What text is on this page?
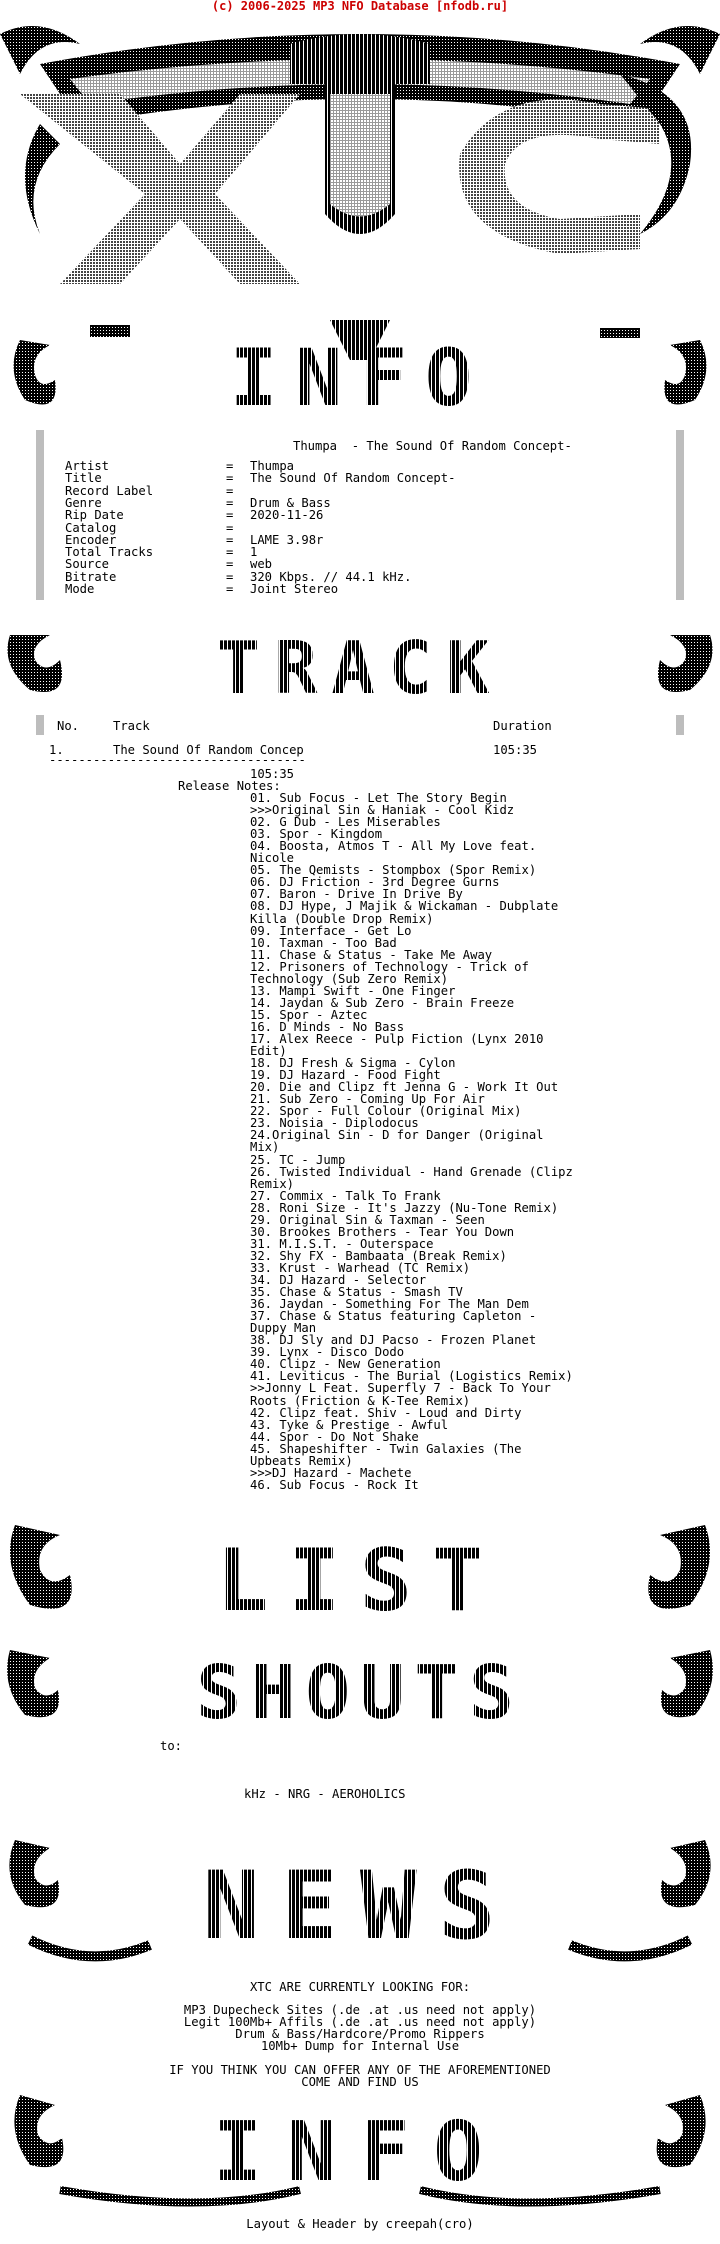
(c) 2006-2025 MP3 NFO Database [nfodb.ru]
INFO
Thumpa  - The Sound Of Random Concept-
Artist	= Thumpa
Title	= The Sound Of Random Concept-
Record Label	=
Genre	= Drum & Bass
Rip Date	= 2020-11-26
Catalog	=
Encoder	= LAME 3.98r
Total Tracks	= 1
Source	= web
Bitrate	= 320 Kbps. // 44.1 kHz.
Mode	= Joint Stereo
TRACK
No.	Track	Duration
1.	The Sound Of Random Concep	105:35
-----------------------------------
105:35
Release Notes:
01. Sub Focus - Let The Story Begin
>>>Original Sin & Haniak - Cool Kidz
02. G Dub - Les Miserables
03. Spor - Kingdom
04. Boosta, Atmos T - All My Love feat.
Nicole
05. The Qemists - Stompbox (Spor Remix)
06. DJ Friction - 3rd Degree Gurns
07. Baron - Drive In Drive By
08. DJ Hype, J Majik & Wickaman - Dubplate
Killa (Double Drop Remix)
09. Interface - Get Lo
10. Taxman - Too Bad
11. Chase & Status - Take Me Away
12. Prisoners of Technology - Trick of
Technology (Sub Zero Remix)
13. Mampi Swift - One Finger
14. Jaydan & Sub Zero - Brain Freeze
15. Spor - Aztec
16. D Minds - No Bass
17. Alex Reece - Pulp Fiction (Lynx 2010
Edit)
18. DJ Fresh & Sigma - Cylon
19. DJ Hazard - Food Fight
20. Die and Clipz ft Jenna G - Work It Out
21. Sub Zero - Coming Up For Air
22. Spor - Full Colour (Original Mix)
23. Noisia - Diplodocus
24.Original Sin - D for Danger (Original
Mix)
25. TC - Jump
26. Twisted Individual - Hand Grenade (Clipz
Remix)
27. Commix - Talk To Frank
28. Roni Size - It's Jazzy (Nu-Tone Remix)
29. Original Sin & Taxman - Seen
30. Brookes Brothers - Tear You Down
31. M.I.S.T. - Outerspace
32. Shy FX - Bambaata (Break Remix)
33. Krust - Warhead (TC Remix)
34. DJ Hazard - Selector
35. Chase & Status - Smash TV
36. Jaydan - Something For The Man Dem
37. Chase & Status featuring Capleton -
Duppy Man
38. DJ Sly and DJ Pacso - Frozen Planet
39. Lynx - Disco Dodo
40. Clipz - New Generation
41. Leviticus - The Burial (Logistics Remix)
>>Jonny L Feat. Superfly 7 - Back To Your
Roots (Friction & K-Tee Remix)
42. Clipz feat. Shiv - Loud and Dirty
43. Tyke & Prestige - Awful
44. Spor - Do Not Shake
45. Shapeshifter - Twin Galaxies (The
Upbeats Remix)
>>>DJ Hazard - Machete
46. Sub Focus - Rock It
LIST
SHOUTS
to:
kHz - NRG - AEROHOLICS
NEWS
XTC ARE CURRENTLY LOOKING FOR:
MP3 Dupecheck Sites (.de .at .us need not apply)
Legit 100Mb+ Affils (.de .at .us need not apply)
Drum & Bass/Hardcore/Promo Rippers
10Mb+ Dump for Internal Use
IF YOU THINK YOU CAN OFFER ANY OF THE AFOREMENTIONED
COME AND FIND US
INFO
Layout & Header by creepah(cro)
